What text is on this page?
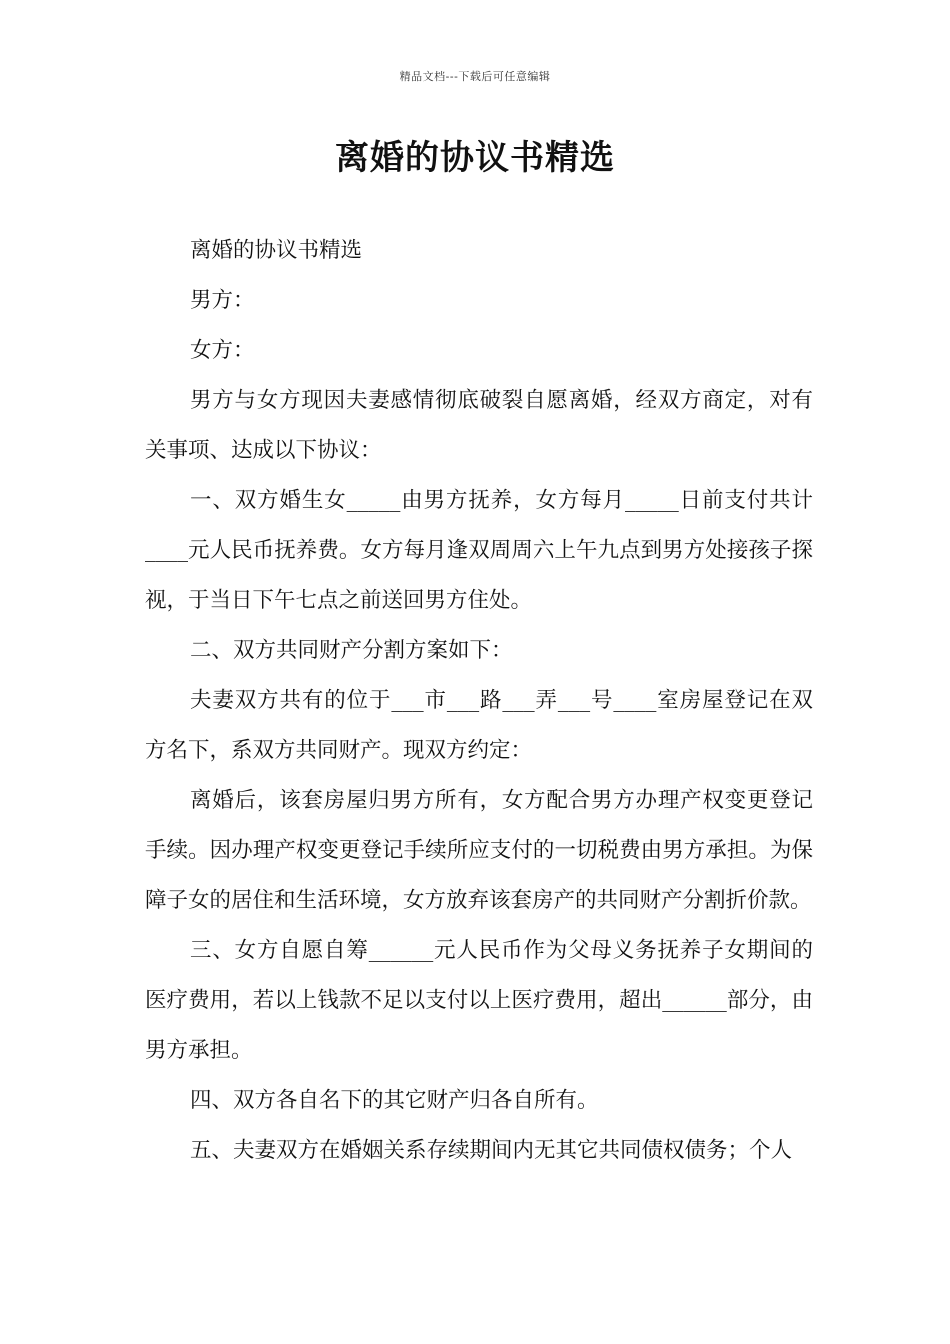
精品文档---下载后可任意编辑
离婚的协议书精选

离婚的协议书精选

男方：

女方：

男方与女方现因夫妻感情彻底破裂自愿离婚，经双方商定，对有关事项、达成以下协议：

一、双方婚生女_____由男方抚养，女方每月_____日前支付共计____元人民币抚养费。女方每月逢双周周六上午九点到男方处接孩子探视，于当日下午七点之前送回男方住处。

二、双方共同财产分割方案如下：

夫妻双方共有的位于___市___路___弄___号____室房屋登记在双方名下，系双方共同财产。现双方约定：

离婚后，该套房屋归男方所有，女方配合男方办理产权变更登记手续。因办理产权变更登记手续所应支付的一切税费由男方承担。为保障子女的居住和生活环境，女方放弃该套房产的共同财产分割折价款。

三、女方自愿自筹______元人民币作为父母义务抚养子女期间的医疗费用，若以上钱款不足以支付以上医疗费用，超出______部分，由男方承担。

四、双方各自名下的其它财产归各自所有。

五、夫妻双方在婚姻关系存续期间内无其它共同债权债务；个人
